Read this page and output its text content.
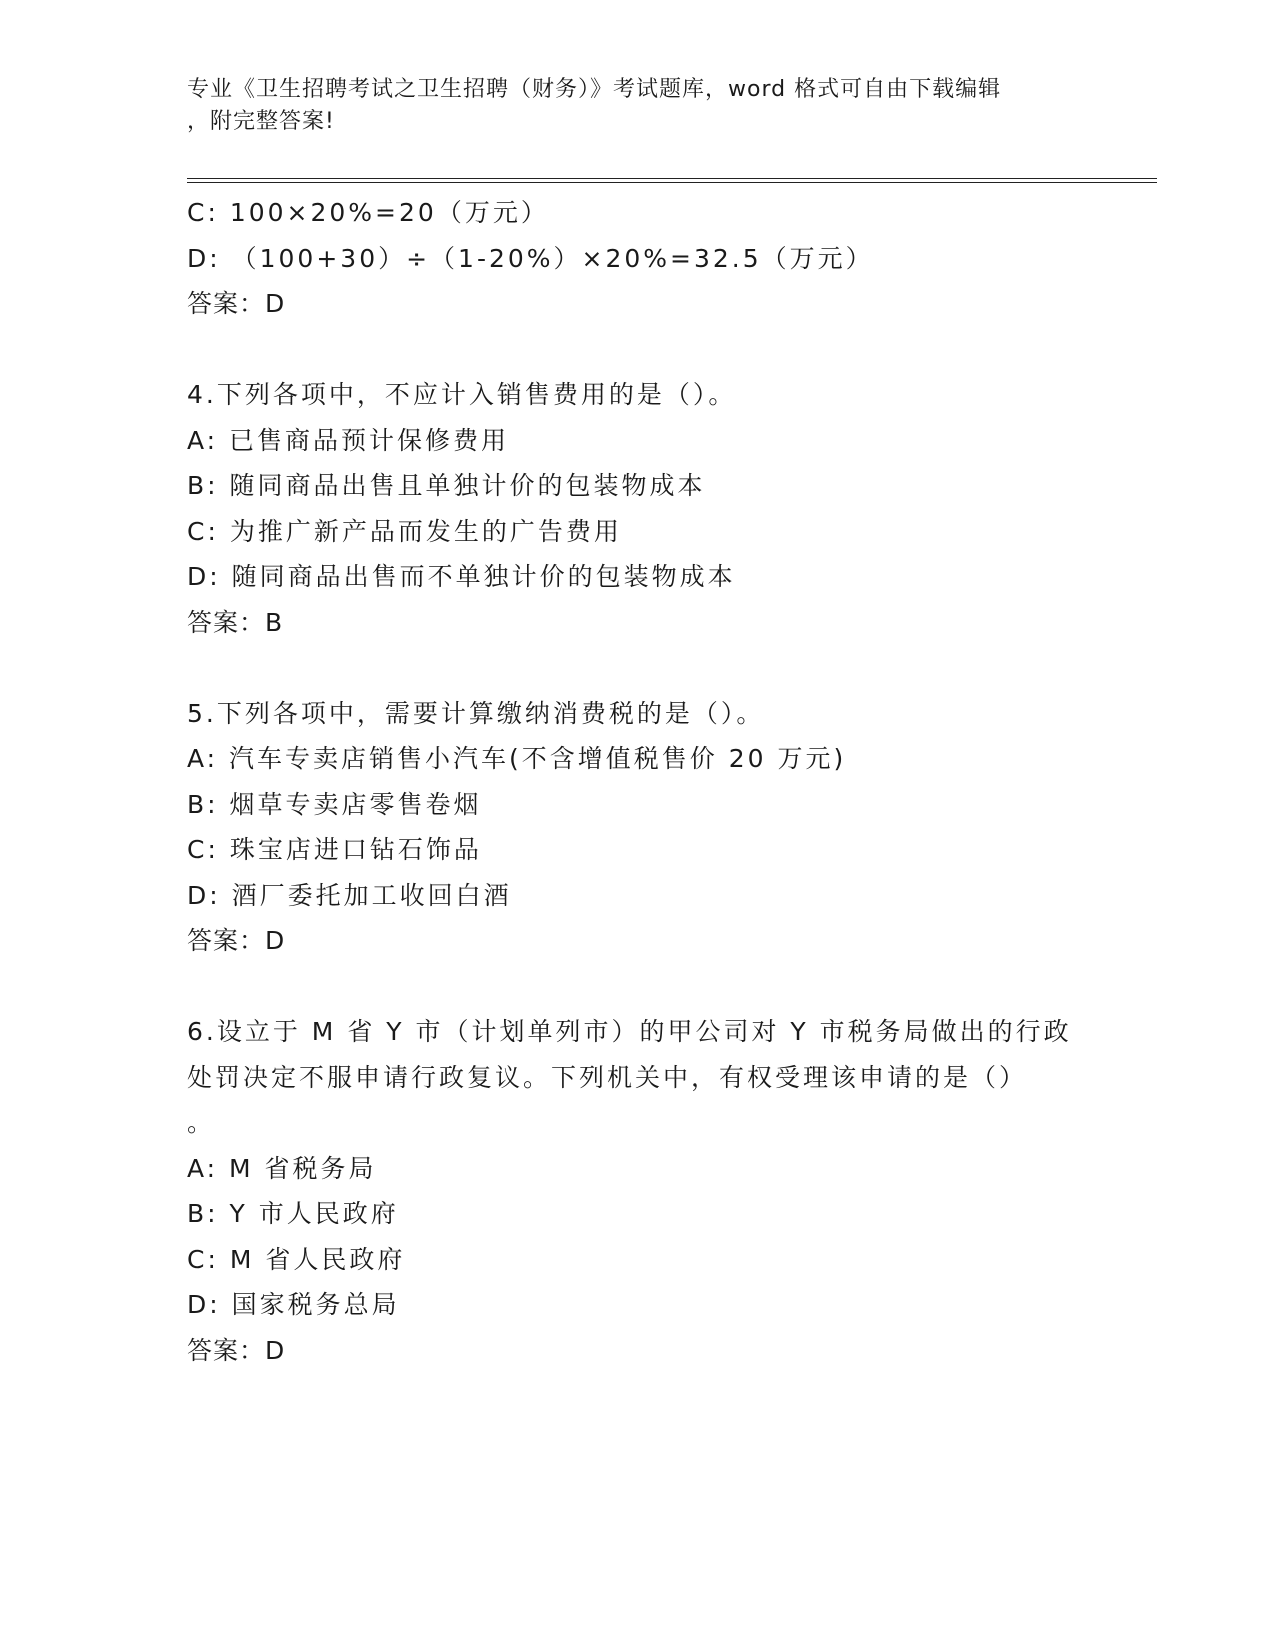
专业《卫生招聘考试之卫生招聘（财务）》考试题库，word 格式可自由下载编辑
，附完整答案!
C: 100×20%=20（万元）
D: （100+30）÷（1-20%）×20%=32.5（万元）
答案：D
4.下列各项中，不应计入销售费用的是（）。
A: 已售商品预计保修费用
B: 随同商品出售且单独计价的包装物成本
C: 为推广新产品而发生的广告费用
D: 随同商品出售而不单独计价的包装物成本
答案：B
5.下列各项中，需要计算缴纳消费税的是（）。
A: 汽车专卖店销售小汽车(不含增值税售价 20 万元)
B: 烟草专卖店零售卷烟
C: 珠宝店进口钻石饰品
D: 酒厂委托加工收回白酒
答案：D
6.设立于 M 省 Y 市（计划单列市）的甲公司对 Y 市税务局做出的行政
处罚决定不服申请行政复议。下列机关中，有权受理该申请的是（）
。
A: M 省税务局
B: Y 市人民政府
C: M 省人民政府
D: 国家税务总局
答案：D
